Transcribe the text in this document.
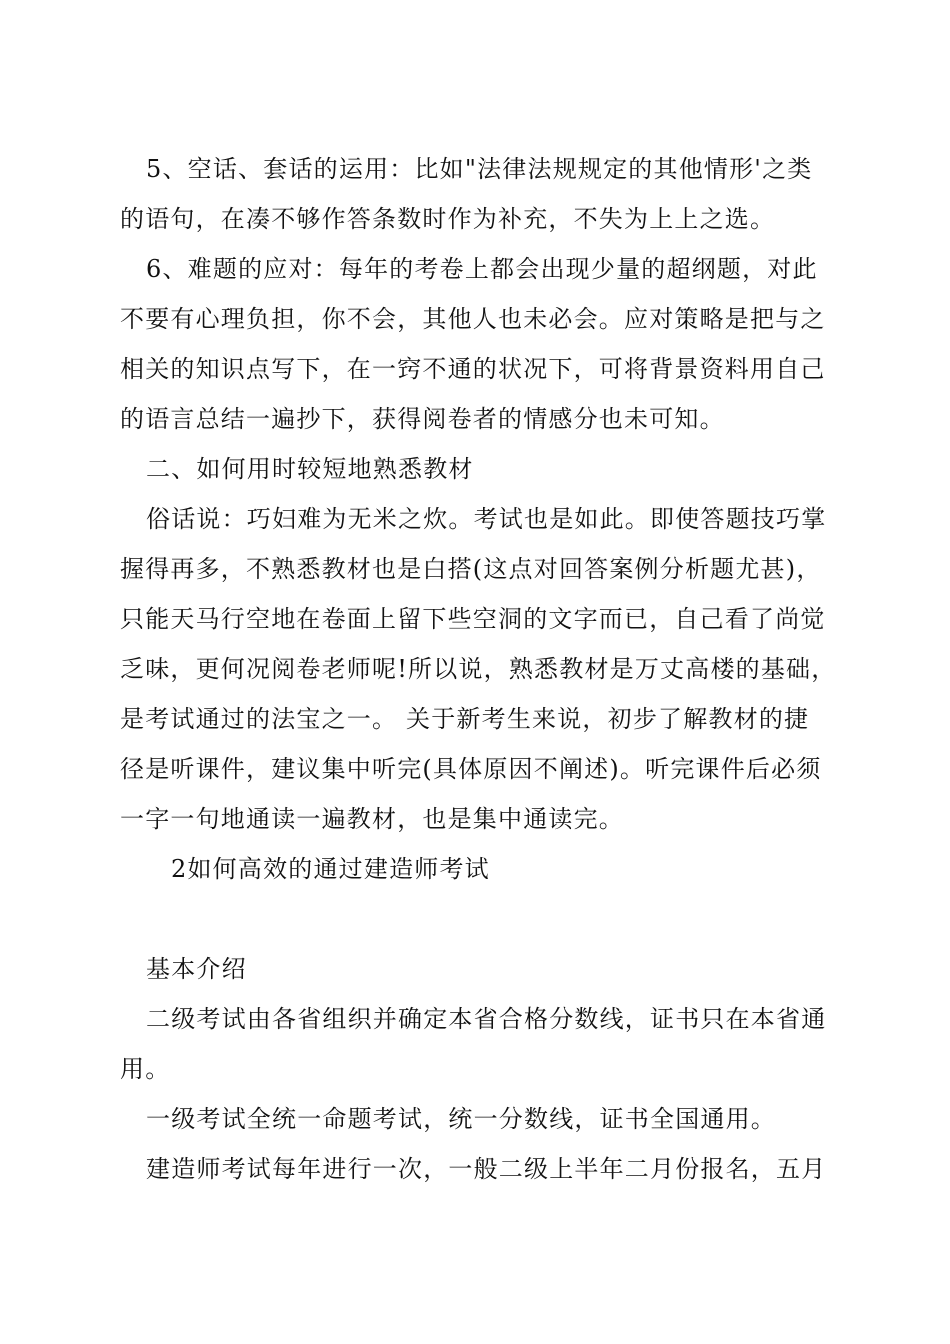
5、空话、套话的运用：比如"法律法规规定的其他情形'之类
的语句，在凑不够作答条数时作为补充，不失为上上之选。
6、难题的应对：每年的考卷上都会出现少量的超纲题，对此
不要有心理负担，你不会，其他人也未必会。应对策略是把与之
相关的知识点写下，在一窍不通的状况下，可将背景资料用自己
的语言总结一遍抄下，获得阅卷者的情感分也未可知。
二、如何用时较短地熟悉教材
俗话说：巧妇难为无米之炊。考试也是如此。即使答题技巧掌
握得再多，不熟悉教材也是白搭(这点对回答案例分析题尤甚)，
只能天马行空地在卷面上留下些空洞的文字而已，自己看了尚觉
乏味，更何况阅卷老师呢!所以说，熟悉教材是万丈高楼的基础，
是考试通过的法宝之一。 关于新考生来说，初步了解教材的捷
径是听课件，建议集中听完(具体原因不阐述)。听完课件后必须
一字一句地通读一遍教材，也是集中通读完。
2如何高效的通过建造师考试
基本介绍
二级考试由各省组织并确定本省合格分数线，证书只在本省通
用。
一级考试全统一命题考试，统一分数线，证书全国通用。
建造师考试每年进行一次，一般二级上半年二月份报名，五月
